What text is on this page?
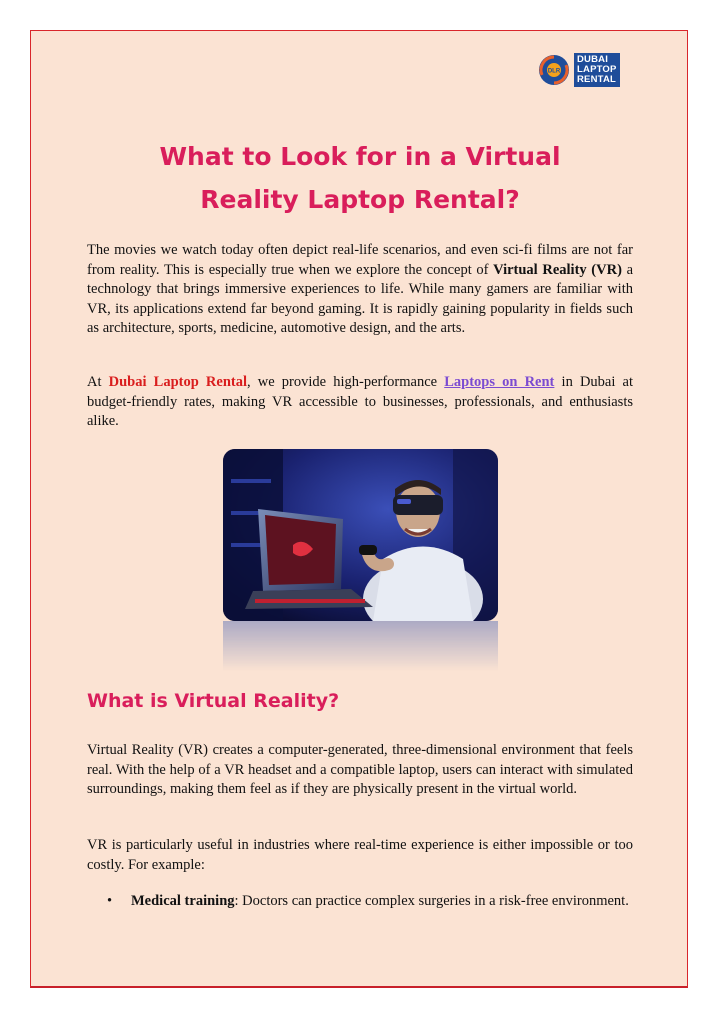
DLR
DUBAI
LAPTOP
RENTAL
What to Look for in a Virtual
Reality Laptop Rental?

The movies we watch today often depict real-life scenarios, and even sci-fi films are not far from reality. This is especially true when we explore the concept of Virtual Reality (VR) a technology that brings immersive experiences to life. While many gamers are familiar with VR, its applications extend far beyond gaming. It is rapidly gaining popularity in fields such as architecture, sports, medicine, automotive design, and the arts.

At Dubai Laptop Rental, we provide high-performance Laptops on Rent in Dubai at budget-friendly rates, making VR accessible to businesses, professionals, and enthusiasts alike.

What is Virtual Reality?

Virtual Reality (VR) creates a computer-generated, three-dimensional environment that feels real. With the help of a VR headset and a compatible laptop, users can interact with simulated surroundings, making them feel as if they are physically present in the virtual world.

VR is particularly useful in industries where real-time experience is either impossible or too costly. For example:

• Medical training: Doctors can practice complex surgeries in a risk-free environment.
